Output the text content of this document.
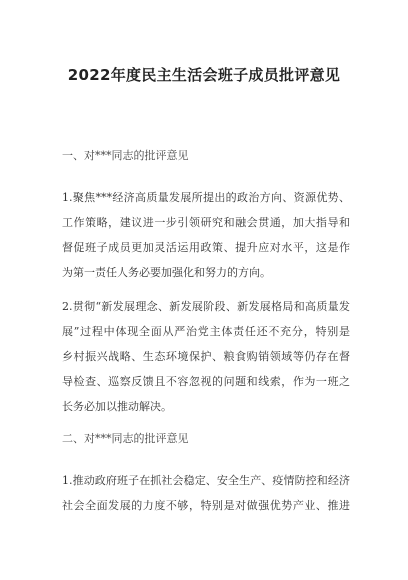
2022年度民主生活会班子成员批评意见
一、对***同志的批评意见
1.聚焦***经济高质量发展所提出的政治方向、资源优势、
工作策略，建议进一步引领研究和融会贯通，加大指导和
督促班子成员更加灵活运用政策、提升应对水平，这是作
为第一责任人务必要加强化和努力的方向。
2.贯彻“新发展理念、新发展阶段、新发展格局和高质量发
展”过程中体现全面从严治党主体责任还不充分，特别是
乡村振兴战略、生态环境保护、粮食购销领域等仍存在督
导检查、巡察反馈且不容忽视的问题和线索，作为一班之
长务必加以推动解决。
二、对***同志的批评意见
1.推动政府班子在抓社会稳定、安全生产、疫情防控和经济
社会全面发展的力度不够，特别是对做强优势产业、推进
